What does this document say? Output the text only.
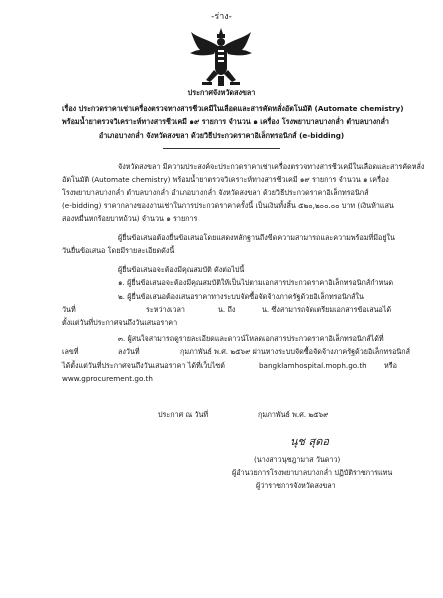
-ร่าง-
ประกาศจังหวัดสงขลา
เรื่อง ประกวดราคาเช่าเครื่องตรวจทางสารชีวเคมีในเลือดและสารคัดหลั่งอัตโนมัติ (Automate chemistry)
พร้อมน้ำยาตรวจวิเคราะห์ทางสารชีวเคมี ๑๙ รายการ จำนวน ๑ เครื่อง โรงพยาบาลบางกล่ำ ตำบลบางกล่ำ
อำเภอบางกล่ำ จังหวัดสงขลา ด้วยวิธีประกวดราคาอิเล็กทรอนิกส์ (e-bidding)
จังหวัดสงขลา มีความประสงค์จะประกวดราคาเช่าเครื่องตรวจทางสารชีวเคมีในเลือดและสารคัดหลั่ง
อัตโนมัติ (Automate chemistry) พร้อมน้ำยาตรวจวิเคราะห์ทางสารชีวเคมี ๑๙ รายการ จำนวน ๑ เครื่อง
โรงพยาบาลบางกล่ำ ตำบลบางกล่ำ อำเภอบางกล่ำ จังหวัดสงขลา ด้วยวิธีประกวดราคาอิเล็กทรอนิกส์
(e-bidding) ราคากลางของงานเช่าในการประกวดราคาครั้งนี้ เป็นเงินทั้งสิ้น ๕๒๐,๒๐๐.๐๐ บาท (เงินห้าแสน
สองหมื่นหกร้อยบาทถ้วน) จำนวน ๑ รายการ
ผู้ยื่นข้อเสนอต้องยื่นข้อเสนอโดยแสดงหลักฐานถึงขีดความสามารถและความพร้อมที่มีอยู่ใน
วันยื่นข้อเสนอ โดยมีรายละเอียดดังนี้
ผู้ยื่นข้อเสนอจะต้องมีคุณสมบัติ ดังต่อไปนี้
๑. ผู้ยื่นข้อเสนอจะต้องมีคุณสมบัติให้เป็นไปตามเอกสารประกวดราคาอิเล็กทรอนิกส์กำหนด
๒. ผู้ยื่นข้อเสนอต้องเสนอราคาทางระบบจัดซื้อจัดจ้างภาครัฐด้วยอิเล็กทรอนิกส์ใน
วันที่	ระหว่างเวลา	น. ถึง	น. ซึ่งสามารถจัดเตรียมเอกสารข้อเสนอได้
ตั้งแต่วันที่ประกาศจนถึงวันเสนอราคา
๓. ผู้สนใจสามารถดูรายละเอียดและดาวน์โหลดเอกสารประกวดราคาอิเล็กทรอนิกส์ได้ที่
เลขที่	ลงวันที่	กุมภาพันธ์ พ.ศ. ๒๕๖๙ ผ่านทางระบบจัดซื้อจัดจ้างภาครัฐด้วยอิเล็กทรอนิกส์
ได้ตั้งแต่วันที่ประกาศจนถึงวันเสนอราคา ได้ที่เว็บไซต์	bangklamhospital.moph.go.th หรือ
www.gprocurement.go.th
ประกาศ ณ วันที่	กุมภาพันธ์ พ.ศ. ๒๕๖๙
นุช สุดอ
(นางสาวนุชฎามาส วันดาว)
ผู้อำนวยการโรงพยาบาลบางกล่ำ ปฏิบัติราชการแทน
ผู้ว่าราชการจังหวัดสงขลา
